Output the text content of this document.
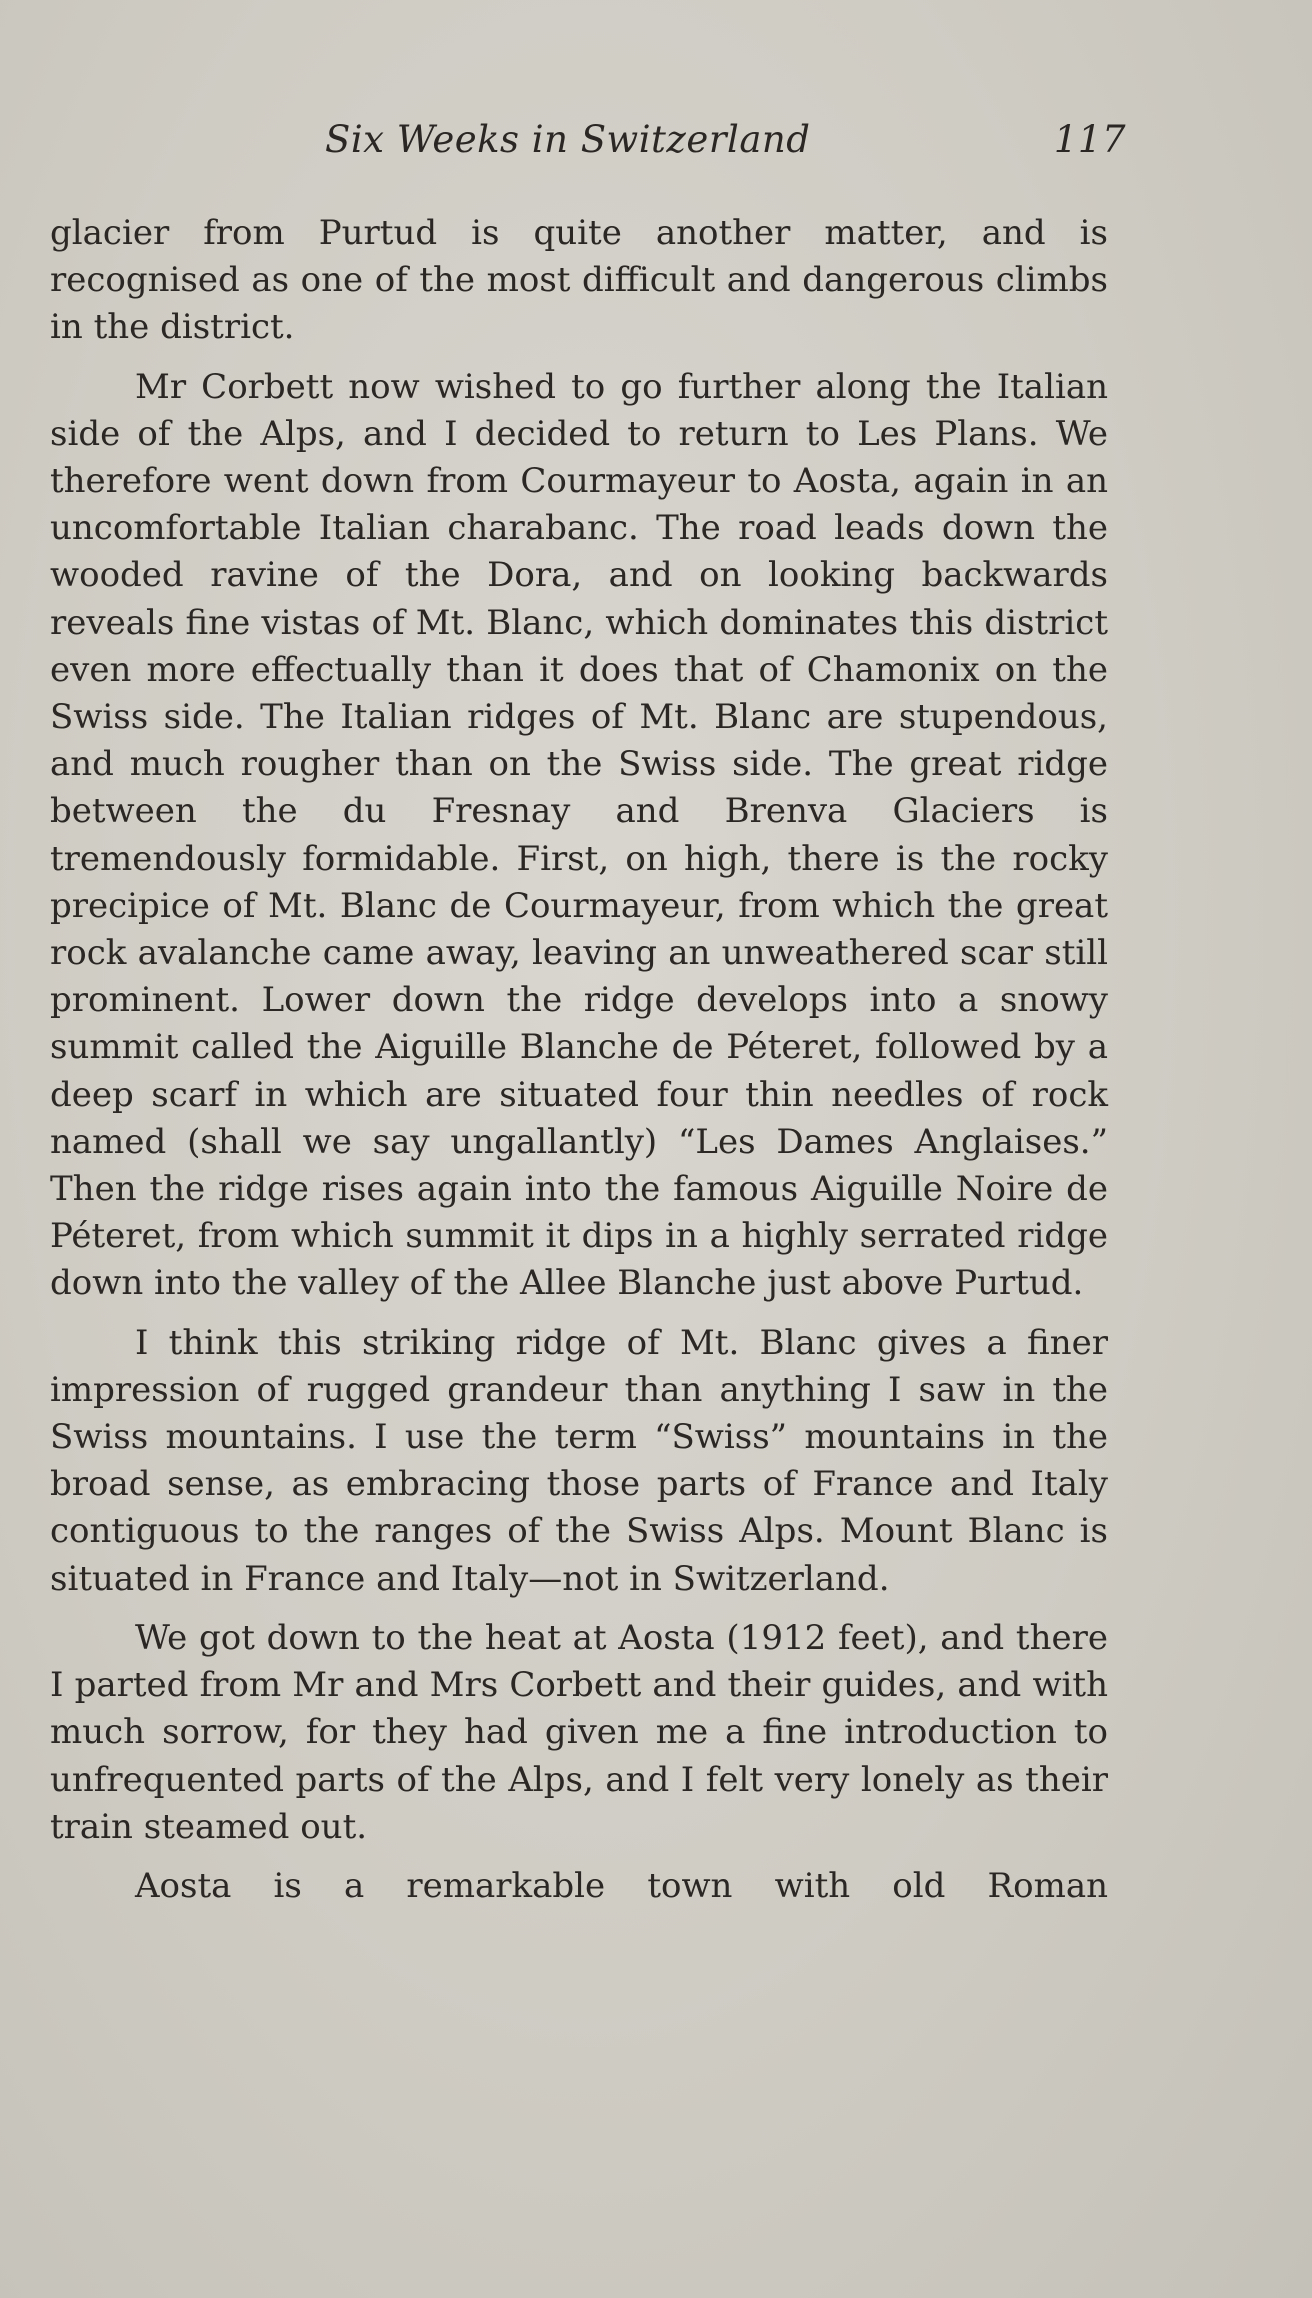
Six Weeks in Switzerland	117

glacier from Purtud is quite another matter, and is recognised as one of the most difficult and dangerous climbs in the district.

Mr Corbett now wished to go further along the Italian side of the Alps, and I decided to return to Les Plans. We therefore went down from Courmayeur to Aosta, again in an uncomfortable Italian charabanc. The road leads down the wooded ravine of the Dora, and on looking backwards reveals fine vistas of Mt. Blanc, which dominates this district even more effectually than it does that of Chamonix on the Swiss side. The Italian ridges of Mt. Blanc are stupendous, and much rougher than on the Swiss side. The great ridge between the du Fresnay and Brenva Glaciers is tremendously formidable. First, on high, there is the rocky precipice of Mt. Blanc de Courmayeur, from which the great rock avalanche came away, leaving an unweathered scar still prominent. Lower down the ridge develops into a snowy summit called the Aiguille Blanche de Péteret, followed by a deep scarf in which are situated four thin needles of rock named (shall we say ungallantly) “Les Dames Anglaises.” Then the ridge rises again into the famous Aiguille Noire de Péteret, from which summit it dips in a highly serrated ridge down into the valley of the Allee Blanche just above Purtud.

I think this striking ridge of Mt. Blanc gives a finer impression of rugged grandeur than anything I saw in the Swiss mountains. I use the term “Swiss” mountains in the broad sense, as embracing those parts of France and Italy contiguous to the ranges of the Swiss Alps. Mount Blanc is situated in France and Italy—not in Switzerland.

We got down to the heat at Aosta (1912 feet), and there I parted from Mr and Mrs Corbett and their guides, and with much sorrow, for they had given me a fine introduction to unfrequented parts of the Alps, and I felt very lonely as their train steamed out.

Aosta is a remarkable town with old Roman
